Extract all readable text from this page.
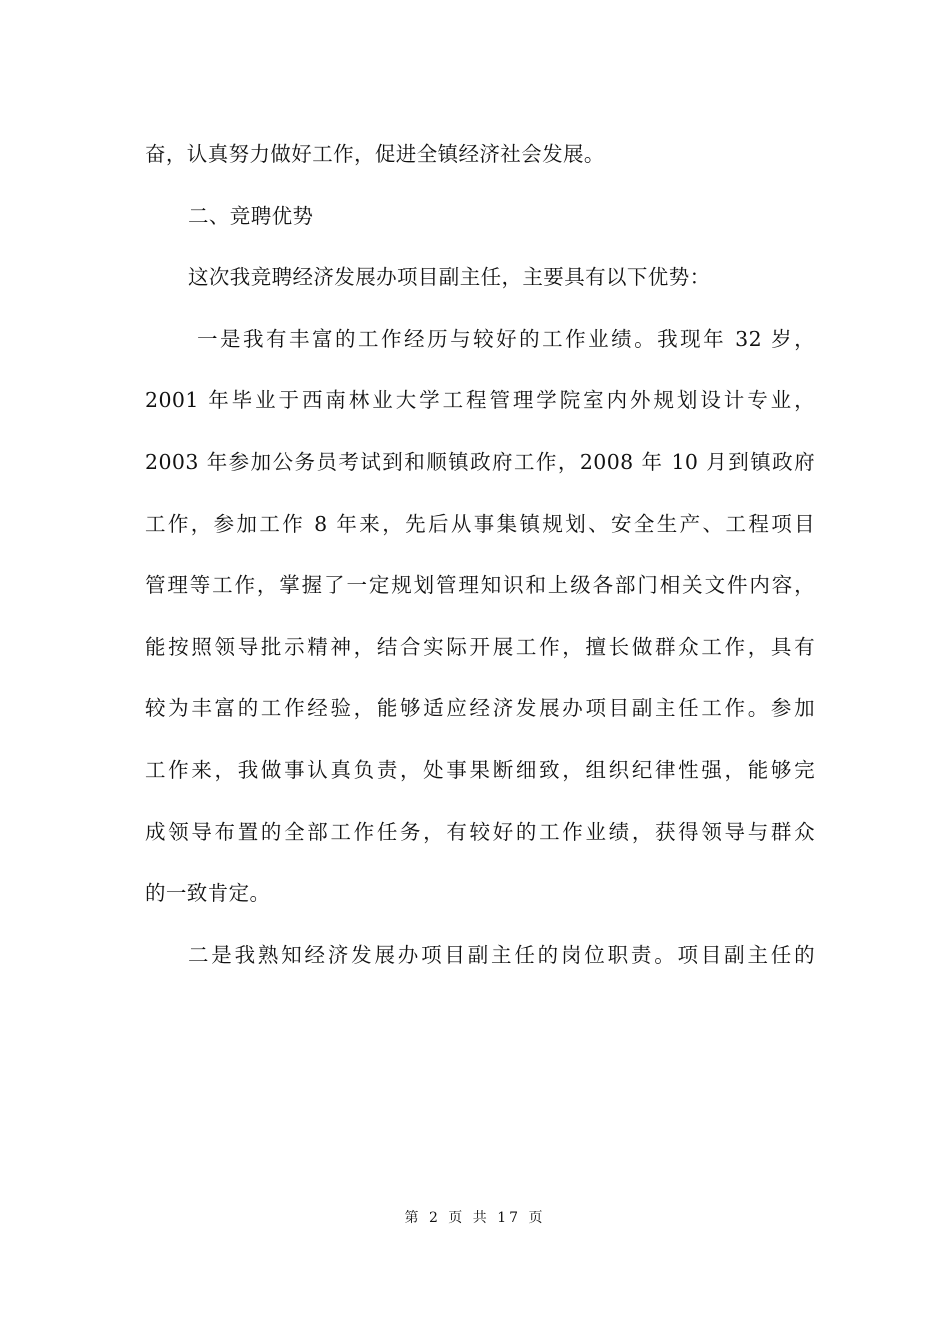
奋，认真努力做好工作，促进全镇经济社会发展。
二、竞聘优势
这次我竞聘经济发展办项目副主任，主要具有以下优势：
一是我有丰富的工作经历与较好的工作业绩。我现年 32 岁，
2001 年毕业于西南林业大学工程管理学院室内外规划设计专业，
2003 年参加公务员考试到和顺镇政府工作，2008 年 10 月到镇政府
工作，参加工作 8 年来，先后从事集镇规划、安全生产、工程项目
管理等工作，掌握了一定规划管理知识和上级各部门相关文件内容，
能按照领导批示精神，结合实际开展工作，擅长做群众工作，具有
较为丰富的工作经验，能够适应经济发展办项目副主任工作。参加
工作来，我做事认真负责，处事果断细致，组织纪律性强，能够完
成领导布置的全部工作任务，有较好的工作业绩，获得领导与群众
的一致肯定。
二是我熟知经济发展办项目副主任的岗位职责。项目副主任的
第 2 页 共 17 页
